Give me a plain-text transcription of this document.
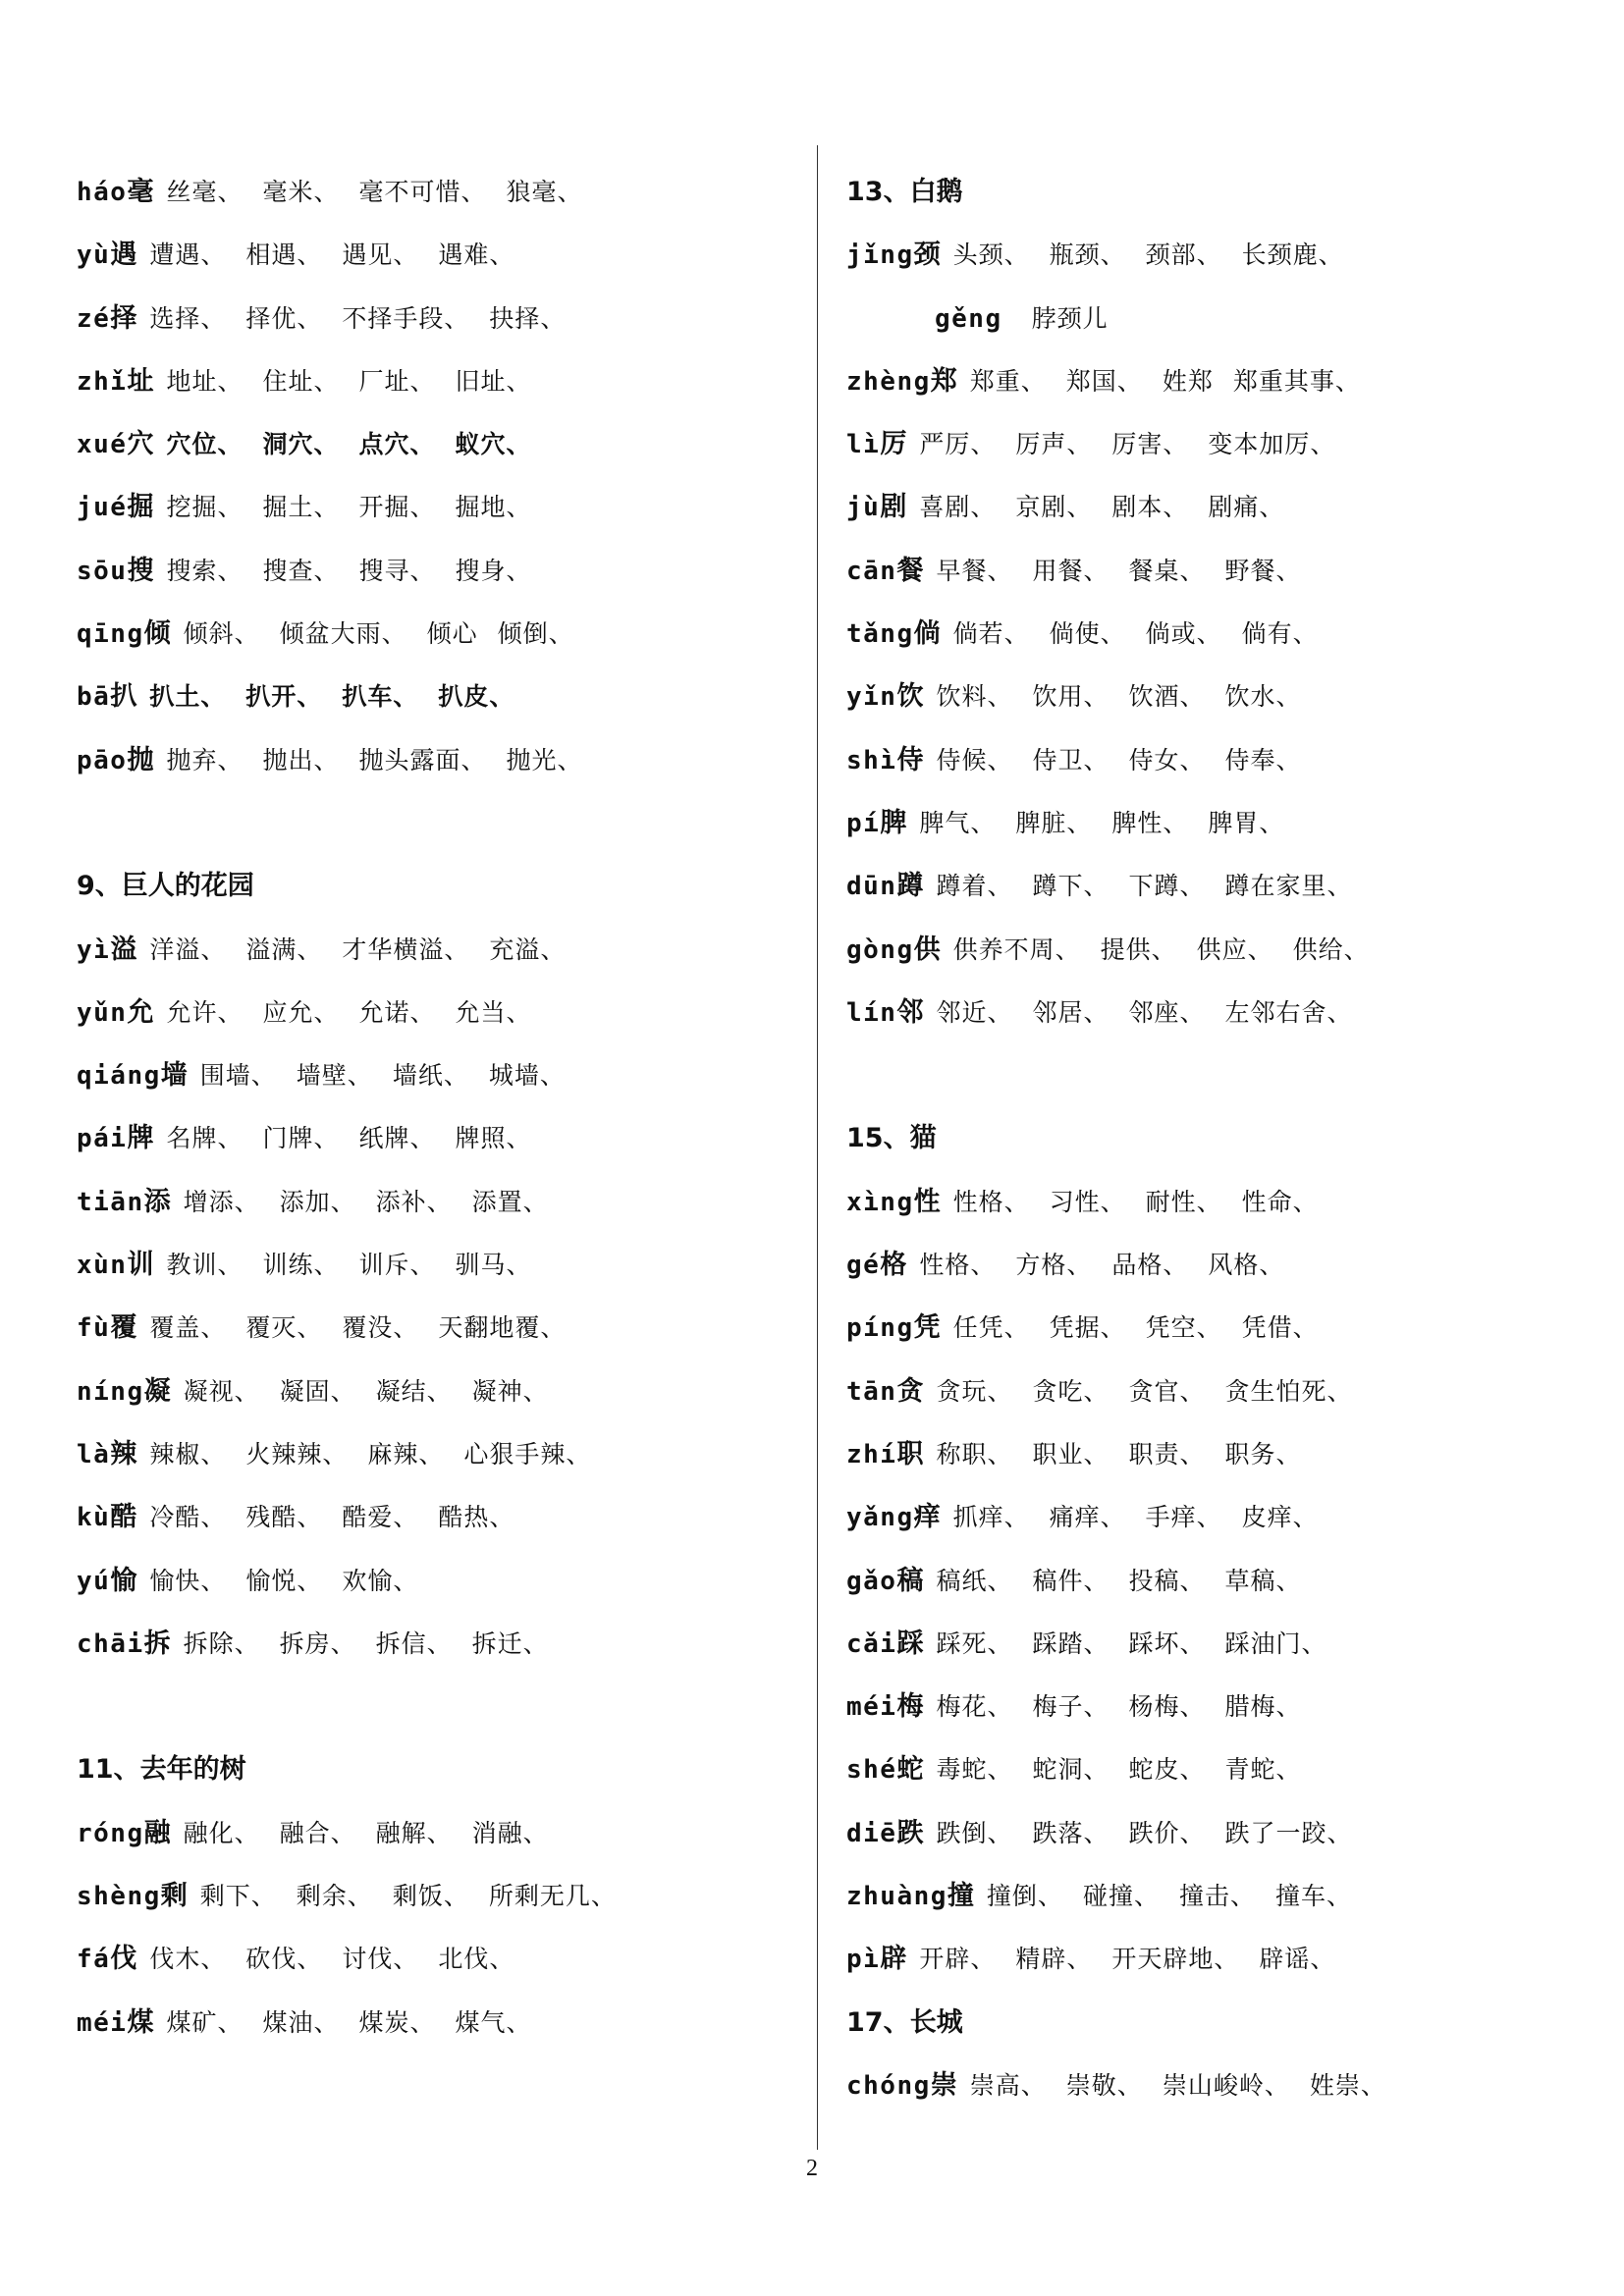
háo毫 丝毫、 毫米、 毫不可惜、 狼毫、
yù遇 遭遇、 相遇、 遇见、 遇难、
zé择 选择、 择优、 不择手段、 抉择、
zhǐ址 地址、 住址、 厂址、 旧址、
xué穴 穴位、 洞穴、 点穴、 蚁穴、
jué掘 挖掘、 掘土、 开掘、 掘地、
sōu搜 搜索、 搜查、 搜寻、 搜身、
qīng倾 倾斜、 倾盆大雨、 倾心 倾倒、
bā扒 扒土、 扒开、 扒车、 扒皮、
pāo抛 抛弃、 抛出、 抛头露面、 抛光、
9、巨人的花园
yì溢 洋溢、 溢满、 才华横溢、 充溢、
yǔn允 允许、 应允、 允诺、 允当、
qiáng墙 围墙、 墙壁、 墙纸、 城墙、
pái牌 名牌、 门牌、 纸牌、 牌照、
tiān添 增添、 添加、 添补、 添置、
xùn训 教训、 训练、 训斥、 驯马、
fù覆 覆盖、 覆灭、 覆没、 天翻地覆、
níng凝 凝视、 凝固、 凝结、 凝神、
là辣 辣椒、 火辣辣、 麻辣、 心狠手辣、
kù酷 冷酷、 残酷、 酷爱、 酷热、
yú愉 愉快、 愉悦、 欢愉、
chāi拆 拆除、 拆房、 拆信、 拆迁、
11、去年的树
róng融 融化、 融合、 融解、 消融、
shèng剩 剩下、 剩余、 剩饭、 所剩无几、
fá伐 伐木、 砍伐、 讨伐、 北伐、
méi煤 煤矿、 煤油、 煤炭、 煤气、
13、白鹅
jǐng颈 头颈、 瓶颈、 颈部、 长颈鹿、
gěng 脖颈儿
zhèng郑 郑重、 郑国、 姓郑 郑重其事、
lì厉 严厉、 厉声、 厉害、 变本加厉、
jù剧 喜剧、 京剧、 剧本、 剧痛、
cān餐 早餐、 用餐、 餐桌、 野餐、
tǎng倘 倘若、 倘使、 倘或、 倘有、
yǐn饮 饮料、 饮用、 饮酒、 饮水、
shì侍 侍候、 侍卫、 侍女、 侍奉、
pí脾 脾气、 脾脏、 脾性、 脾胃、
dūn蹲 蹲着、 蹲下、 下蹲、 蹲在家里、
gòng供 供养不周、 提供、 供应、 供给、
lín邻 邻近、 邻居、 邻座、 左邻右舍、
15、猫
xìng性 性格、 习性、 耐性、 性命、
gé格 性格、 方格、 品格、 风格、
píng凭 任凭、 凭据、 凭空、 凭借、
tān贪 贪玩、 贪吃、 贪官、 贪生怕死、
zhí职 称职、 职业、 职责、 职务、
yǎng痒 抓痒、 痛痒、 手痒、 皮痒、
gǎo稿 稿纸、 稿件、 投稿、 草稿、
cǎi踩 踩死、 踩踏、 踩坏、 踩油门、
méi梅 梅花、 梅子、 杨梅、 腊梅、
shé蛇 毒蛇、 蛇洞、 蛇皮、 青蛇、
diē跌 跌倒、 跌落、 跌价、 跌了一跤、
zhuàng撞 撞倒、 碰撞、 撞击、 撞车、
pì辟 开辟、 精辟、 开天辟地、 辟谣、
17、长城
chóng崇 崇高、 崇敬、 崇山峻岭、 姓崇、
2
